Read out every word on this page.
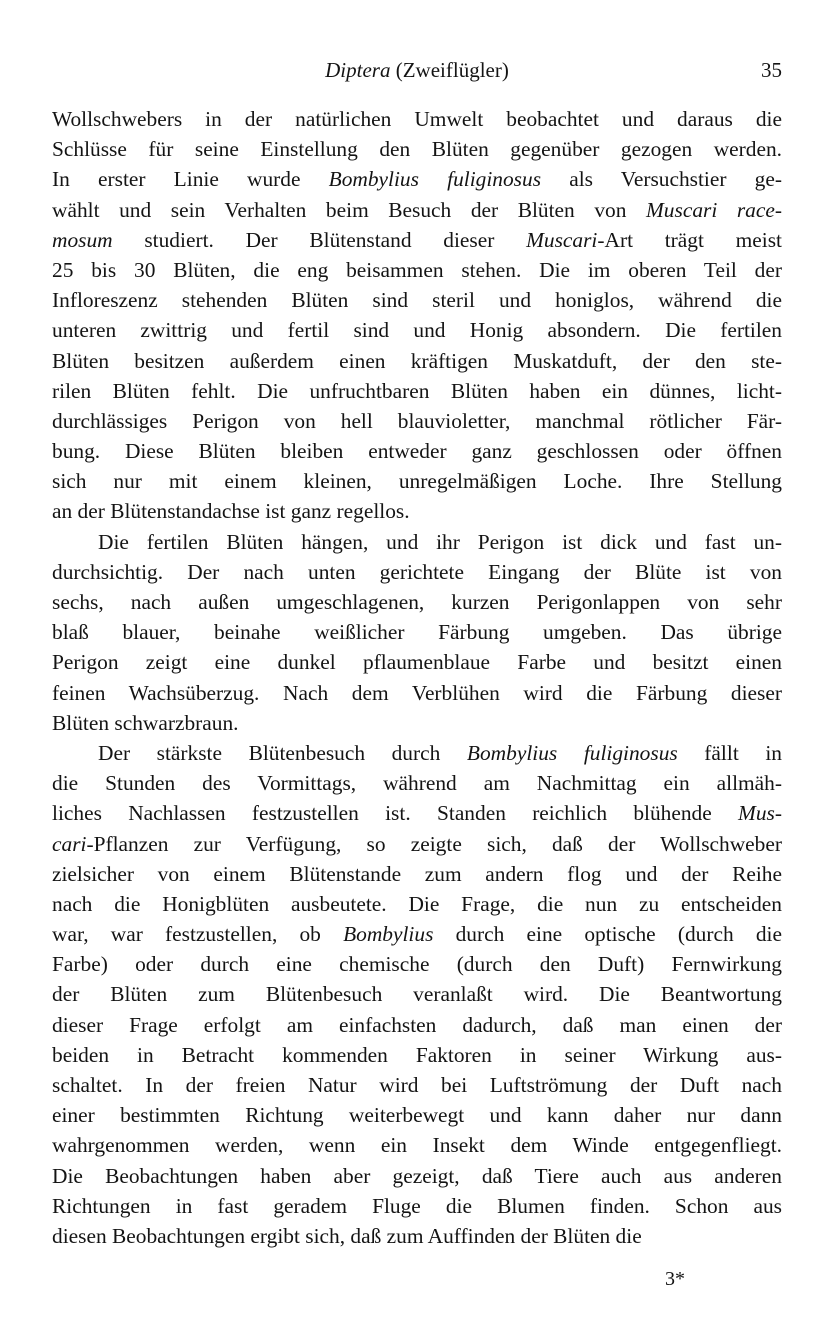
Diptera (Zweiflügler)	35
Wollschwebers in der natürlichen Umwelt beobachtet und daraus die
Schlüsse für seine Einstellung den Blüten gegenüber gezogen werden.
In erster Linie wurde Bombylius fuliginosus als Versuchstier ge-
wählt und sein Verhalten beim Besuch der Blüten von Muscari race-
mosum studiert. Der Blütenstand dieser Muscari-Art trägt meist
25 bis 30 Blüten, die eng beisammen stehen. Die im oberen Teil der
Infloreszenz stehenden Blüten sind steril und honiglos, während die
unteren zwittrig und fertil sind und Honig absondern. Die fertilen
Blüten besitzen außerdem einen kräftigen Muskatduft, der den ste-
rilen Blüten fehlt. Die unfruchtbaren Blüten haben ein dünnes, licht-
durchlässiges Perigon von hell blauvioletter, manchmal rötlicher Fär-
bung. Diese Blüten bleiben entweder ganz geschlossen oder öffnen
sich nur mit einem kleinen, unregelmäßigen Loche. Ihre Stellung
an der Blütenstandachse ist ganz regellos.
Die fertilen Blüten hängen, und ihr Perigon ist dick und fast un-
durchsichtig. Der nach unten gerichtete Eingang der Blüte ist von
sechs, nach außen umgeschlagenen, kurzen Perigonlappen von sehr
blaß blauer, beinahe weißlicher Färbung umgeben. Das übrige
Perigon zeigt eine dunkel pflaumenblaue Farbe und besitzt einen
feinen Wachsüberzug. Nach dem Verblühen wird die Färbung dieser
Blüten schwarzbraun.
Der stärkste Blütenbesuch durch Bombylius fuliginosus fällt in
die Stunden des Vormittags, während am Nachmittag ein allmäh-
liches Nachlassen festzustellen ist. Standen reichlich blühende Mus-
cari-Pflanzen zur Verfügung, so zeigte sich, daß der Wollschweber
zielsicher von einem Blütenstande zum andern flog und der Reihe
nach die Honigblüten ausbeutete. Die Frage, die nun zu entscheiden
war, war festzustellen, ob Bombylius durch eine optische (durch die
Farbe) oder durch eine chemische (durch den Duft) Fernwirkung
der Blüten zum Blütenbesuch veranlaßt wird. Die Beantwortung
dieser Frage erfolgt am einfachsten dadurch, daß man einen der
beiden in Betracht kommenden Faktoren in seiner Wirkung aus-
schaltet. In der freien Natur wird bei Luftströmung der Duft nach
einer bestimmten Richtung weiterbewegt und kann daher nur dann
wahrgenommen werden, wenn ein Insekt dem Winde entgegenfliegt.
Die Beobachtungen haben aber gezeigt, daß Tiere auch aus anderen
Richtungen in fast geradem Fluge die Blumen finden. Schon aus
diesen Beobachtungen ergibt sich, daß zum Auffinden der Blüten die
3*
